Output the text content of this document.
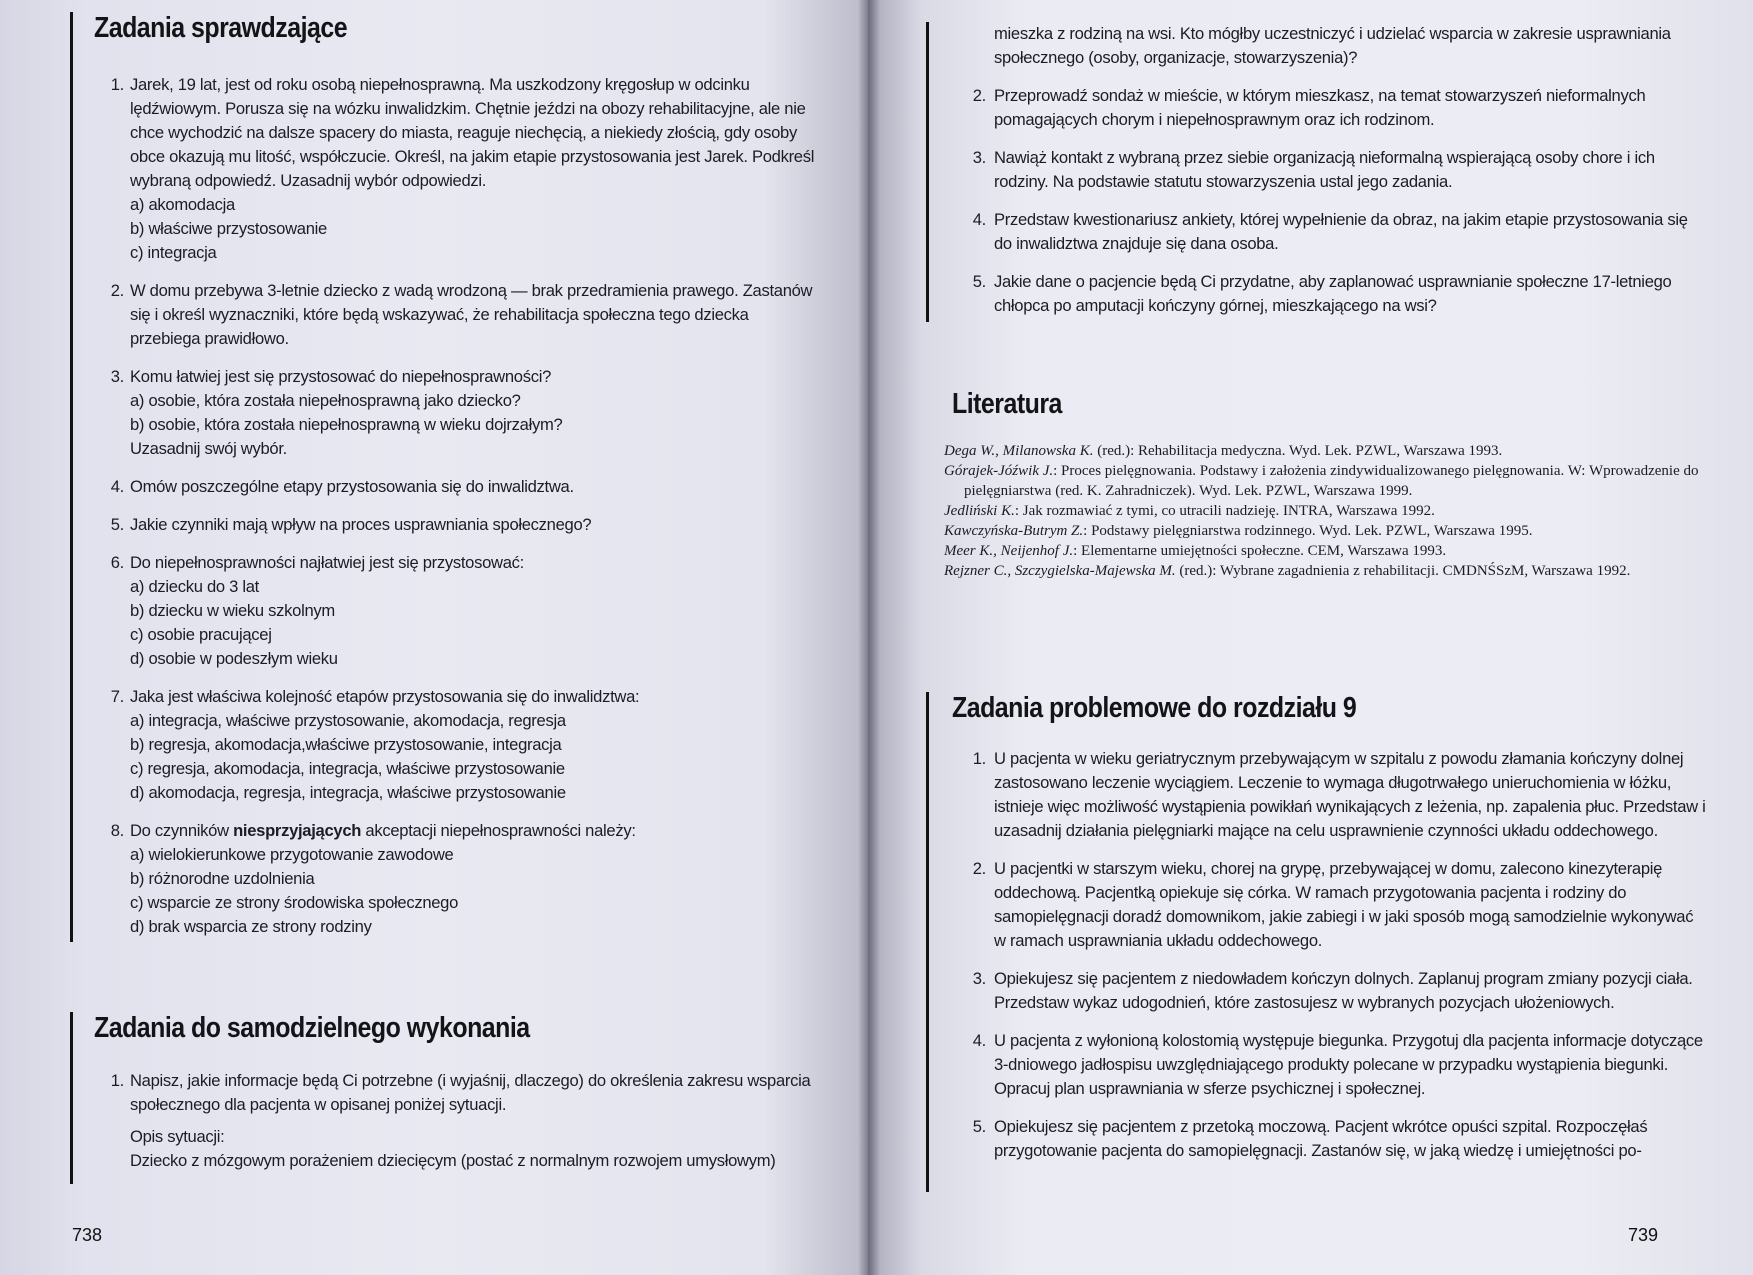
Zadania sprawdzające
1. Jarek, 19 lat, jest od roku osobą niepełnosprawną. Ma uszkodzony kręgosłup w odcinku lędźwiowym. Porusza się na wózku inwalidzkim. Chętnie jeździ na obozy rehabilitacyjne, ale nie chce wychodzić na dalsze spacery do miasta, reaguje niechęcią, a niekiedy złością, gdy osoby obce okazują mu litość, współczucie. Określ, na jakim etapie przystosowania jest Jarek. Podkreśl wybraną odpowiedź. Uzasadnij wybór odpowiedzi.
a) akomodacja
b) właściwe przystosowanie
c) integracja
2. W domu przebywa 3-letnie dziecko z wadą wrodzoną — brak przedramienia prawego. Zastanów się i określ wyznaczniki, które będą wskazywać, że rehabilitacja społeczna tego dziecka przebiega prawidłowo.
3. Komu łatwiej jest się przystosować do niepełnosprawności?
a) osobie, która została niepełnosprawną jako dziecko?
b) osobie, która została niepełnosprawną w wieku dojrzałym?
Uzasadnij swój wybór.
4. Omów poszczególne etapy przystosowania się do inwalidztwa.
5. Jakie czynniki mają wpływ na proces usprawniania społecznego?
6. Do niepełnosprawności najłatwiej jest się przystosować:
a) dziecku do 3 lat
b) dziecku w wieku szkolnym
c) osobie pracującej
d) osobie w podeszłym wieku
7. Jaka jest właściwa kolejność etapów przystosowania się do inwalidztwa:
a) integracja, właściwe przystosowanie, akomodacja, regresja
b) regresja, akomodacja,właściwe przystosowanie, integracja
c) regresja, akomodacja, integracja, właściwe przystosowanie
d) akomodacja, regresja, integracja, właściwe przystosowanie
8. Do czynników niesprzyjających akceptacji niepełnosprawności należy:
a) wielokierunkowe przygotowanie zawodowe
b) różnorodne uzdolnienia
c) wsparcie ze strony środowiska społecznego
d) brak wsparcia ze strony rodziny
Zadania do samodzielnego wykonania
1. Napisz, jakie informacje będą Ci potrzebne (i wyjaśnij, dlaczego) do określenia zakresu wsparcia społecznego dla pacjenta w opisanej poniżej sytuacji.
Opis sytuacji:
Dziecko z mózgowym porażeniem dziecięcym (postać z normalnym rozwojem umysłowym)
738
mieszka z rodziną na wsi. Kto mógłby uczestniczyć i udzielać wsparcia w zakresie usprawniania społecznego (osoby, organizacje, stowarzyszenia)?
2. Przeprowadź sondaż w mieście, w którym mieszkasz, na temat stowarzyszeń nieformalnych pomagających chorym i niepełnosprawnym oraz ich rodzinom.
3. Nawiąż kontakt z wybraną przez siebie organizacją nieformalną wspierającą osoby chore i ich rodziny. Na podstawie statutu stowarzyszenia ustal jego zadania.
4. Przedstaw kwestionariusz ankiety, której wypełnienie da obraz, na jakim etapie przystosowania się do inwalidztwa znajduje się dana osoba.
5. Jakie dane o pacjencie będą Ci przydatne, aby zaplanować usprawnianie społeczne 17-letniego chłopca po amputacji kończyny górnej, mieszkającego na wsi?
Literatura
Dega W., Milanowska K. (red.): Rehabilitacja medyczna. Wyd. Lek. PZWL, Warszawa 1993.
Górajek-Jóźwik J.: Proces pielęgnowania. Podstawy i założenia zindywidualizowanego pielęgnowania. W: Wprowadzenie do pielęgniarstwa (red. K. Zahradniczek). Wyd. Lek. PZWL, Warszawa 1999.
Jedliński K.: Jak rozmawiać z tymi, co utracili nadzieję. INTRA, Warszawa 1992.
Kawczyńska-Butrym Z.: Podstawy pielęgniarstwa rodzinnego. Wyd. Lek. PZWL, Warszawa 1995.
Meer K., Neijenhof J.: Elementarne umiejętności społeczne. CEM, Warszawa 1993.
Rejzner C., Szczygielska-Majewska M. (red.): Wybrane zagadnienia z rehabilitacji. CMDNŚSzM, Warszawa 1992.
Zadania problemowe do rozdziału 9
1. U pacjenta w wieku geriatrycznym przebywającym w szpitalu z powodu złamania kończyny dolnej zastosowano leczenie wyciągiem. Leczenie to wymaga długotrwałego unieruchomienia w łóżku, istnieje więc możliwość wystąpienia powikłań wynikających z leżenia, np. zapalenia płuc. Przedstaw i uzasadnij działania pielęgniarki mające na celu usprawnienie czynności układu oddechowego.
2. U pacjentki w starszym wieku, chorej na grypę, przebywającej w domu, zalecono kinezyterapię oddechową. Pacjentką opiekuje się córka. W ramach przygotowania pacjenta i rodziny do samopielęgnacji doradź domownikom, jakie zabiegi i w jaki sposób mogą samodzielnie wykonywać w ramach usprawniania układu oddechowego.
3. Opiekujesz się pacjentem z niedowładem kończyn dolnych. Zaplanuj program zmiany pozycji ciała. Przedstaw wykaz udogodnień, które zastosujesz w wybranych pozycjach ułożeniowych.
4. U pacjenta z wyłonioną kolostomią występuje biegunka. Przygotuj dla pacjenta informacje dotyczące 3-dniowego jadłospisu uwzględniającego produkty polecane w przypadku wystąpienia biegunki. Opracuj plan usprawniania w sferze psychicznej i społecznej.
5. Opiekujesz się pacjentem z przetoką moczową. Pacjent wkrótce opuści szpital. Rozpoczęłaś przygotowanie pacjenta do samopielęgnacji. Zastanów się, w jaką wiedzę i umiejętności po-
739
